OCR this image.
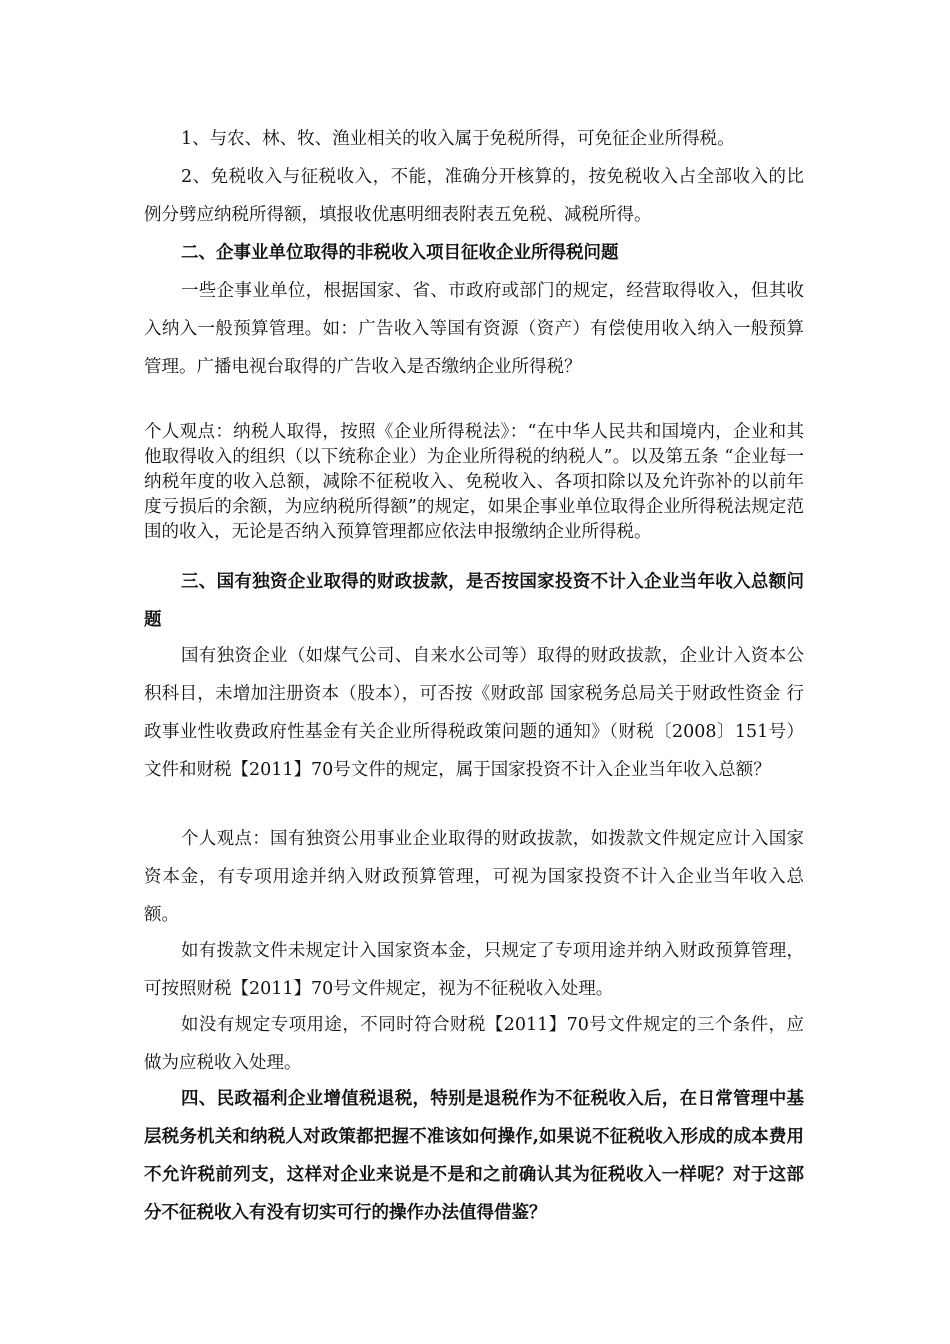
1、与农、林、牧、渔业相关的收入属于免税所得，可免征企业所得税。

2、免税收入与征税收入，不能，准确分开核算的，按免税收入占全部收入的比例分劈应纳税所得额，填报收优惠明细表附表五免税、减税所得。

二、企事业单位取得的非税收入项目征收企业所得税问题

一些企事业单位，根据国家、省、市政府或部门的规定，经营取得收入，但其收入纳入一般预算管理。如：广告收入等国有资源（资产）有偿使用收入纳入一般预算管理。广播电视台取得的广告收入是否缴纳企业所得税？

个人观点：纳税人取得，按照《企业所得税法》：“在中华人民共和国境内，企业和其他取得收入的组织（以下统称企业）为企业所得税的纳税人”。以及第五条 “企业每一纳税年度的收入总额，减除不征税收入、免税收入、各项扣除以及允许弥补的以前年度亏损后的余额，为应纳税所得额”的规定，如果企事业单位取得企业所得税法规定范围的收入，无论是否纳入预算管理都应依法申报缴纳企业所得税。

三、国有独资企业取得的财政拔款，是否按国家投资不计入企业当年收入总额问题

国有独资企业（如煤气公司、自来水公司等）取得的财政拔款，企业计入资本公积科目，未增加注册资本（股本），可否按《财政部 国家税务总局关于财政性资金 行政事业性收费政府性基金有关企业所得税政策问题的通知》（财税〔2008〕151号）文件和财税【2011】70号文件的规定，属于国家投资不计入企业当年收入总额？

个人观点：国有独资公用事业企业取得的财政拔款，如拨款文件规定应计入国家资本金，有专项用途并纳入财政预算管理，可视为国家投资不计入企业当年收入总额。

如有拨款文件未规定计入国家资本金，只规定了专项用途并纳入财政预算管理，可按照财税【2011】70号文件规定，视为不征税收入处理。

如没有规定专项用途，不同时符合财税【2011】70号文件规定的三个条件，应做为应税收入处理。

四、民政福利企业增值税退税，特别是退税作为不征税收入后，在日常管理中基层税务机关和纳税人对政策都把握不准该如何操作,如果说不征税收入形成的成本费用不允许税前列支，这样对企业来说是不是和之前确认其为征税收入一样呢？对于这部分不征税收入有没有切实可行的操作办法值得借鉴？
